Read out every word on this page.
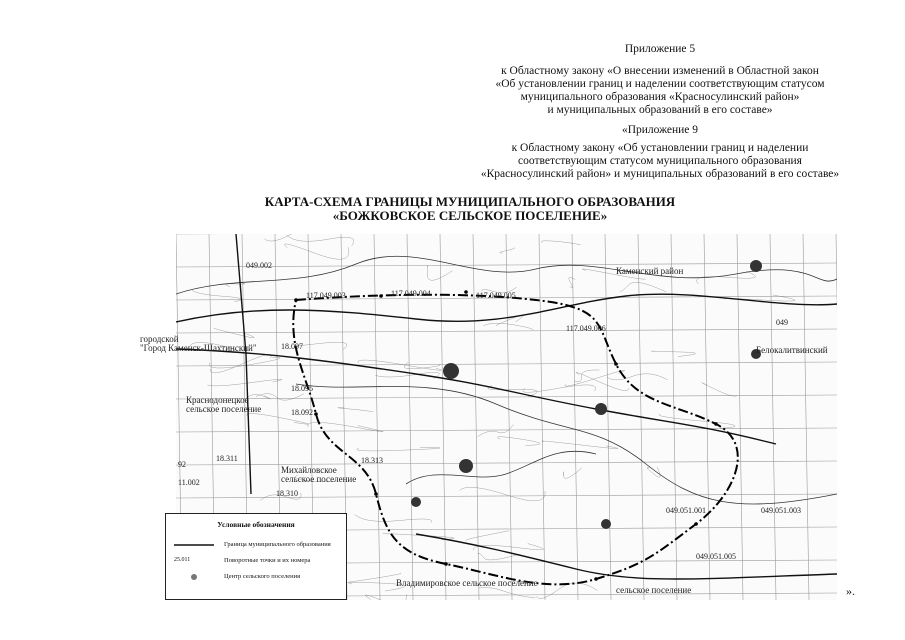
Приложение 5

к Областному закону «О внесении изменений в Областной закон

«Об установлении границ и наделении соответствующим статусом

муниципального образования «Красносулинский район»

и муниципальных образований в его составе»

«Приложение 9

к Областному закону «Об установлении границ и наделении

соответствующим статусом муниципального образования

«Красносулинский район» и муниципальных образований в его составе»

КАРТА-СХЕМА ГРАНИЦЫ МУНИЦИПАЛЬНОГО ОБРАЗОВАНИЯ
«БОЖКОВСКОЕ СЕЛЬСКОЕ ПОСЕЛЕНИЕ»
117.049.003	117.049.004	117.049.005
117.049.006
049.002
18.097
18.095
18.092
18.311	18.313
18.310
92
11.002
049.051.001	049.051.003
049.051.005
049
Каменский район
Белокалитвинский
Краснодонецкое
сельское поселение
Михайловское
сельское поселение
Владимировское сельское поселение
сельское поселение
городской
"Город Каменск-Шахтинский"
Условные обозначения
Граница муниципального образования
25.011	Поворотные точки и их номера
Центр сельского поселения
».
